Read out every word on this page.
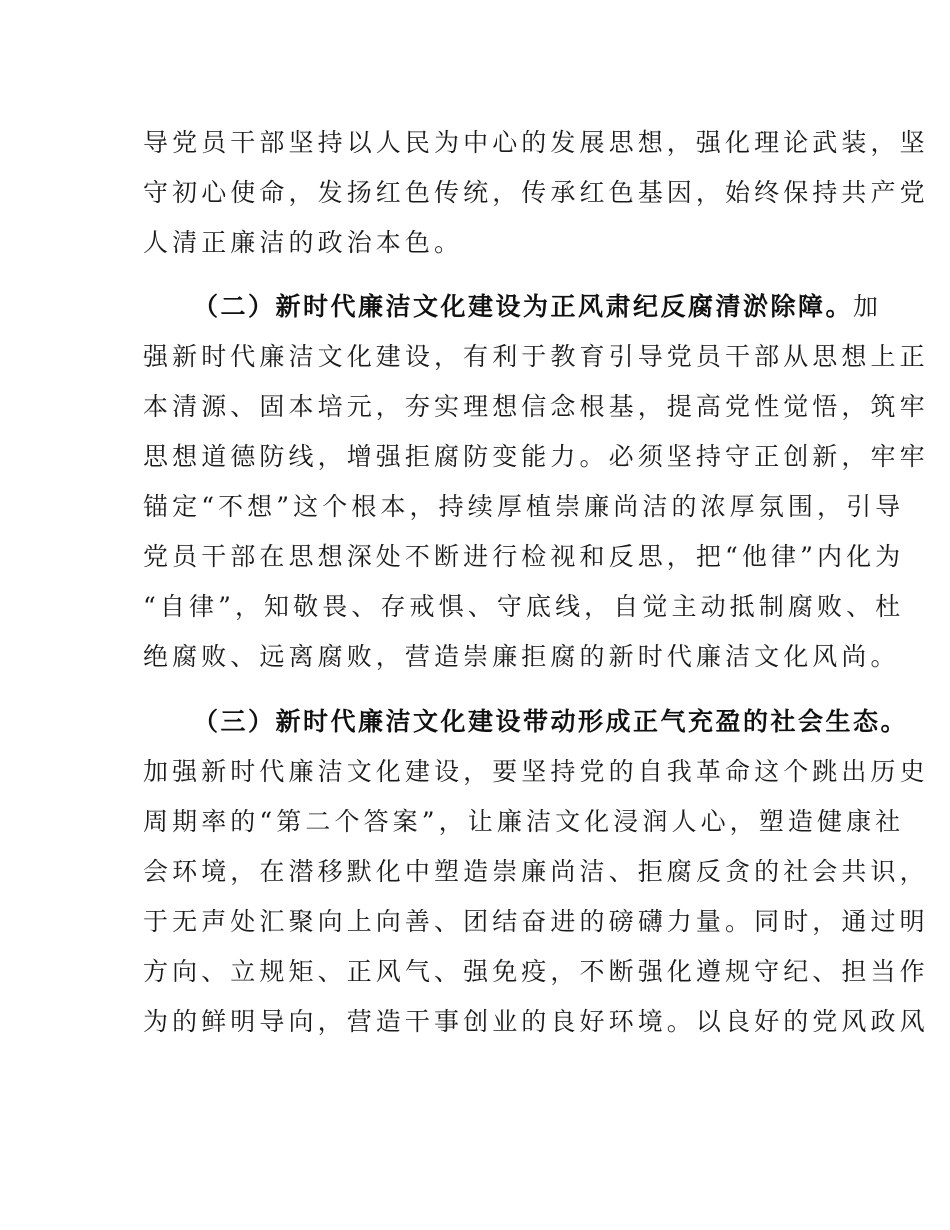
导党员干部坚持以人民为中心的发展思想，强化理论武装，坚
守初心使命，发扬红色传统，传承红色基因，始终保持共产党
人清正廉洁的政治本色。
（二）新时代廉洁文化建设为正风肃纪反腐清淤除障。加
强新时代廉洁文化建设，有利于教育引导党员干部从思想上正
本清源、固本培元，夯实理想信念根基，提高党性觉悟，筑牢
思想道德防线，增强拒腐防变能力。必须坚持守正创新，牢牢
锚定“不想”这个根本，持续厚植崇廉尚洁的浓厚氛围，引导
党员干部在思想深处不断进行检视和反思，把“他律”内化为
“自律”，知敬畏、存戒惧、守底线，自觉主动抵制腐败、杜
绝腐败、远离腐败，营造崇廉拒腐的新时代廉洁文化风尚。
（三）新时代廉洁文化建设带动形成正气充盈的社会生态。
加强新时代廉洁文化建设，要坚持党的自我革命这个跳出历史
周期率的“第二个答案”，让廉洁文化浸润人心，塑造健康社
会环境，在潜移默化中塑造崇廉尚洁、拒腐反贪的社会共识，
于无声处汇聚向上向善、团结奋进的磅礴力量。同时，通过明
方向、立规矩、正风气、强免疫，不断强化遵规守纪、担当作
为的鲜明导向，营造干事创业的良好环境。以良好的党风政风
